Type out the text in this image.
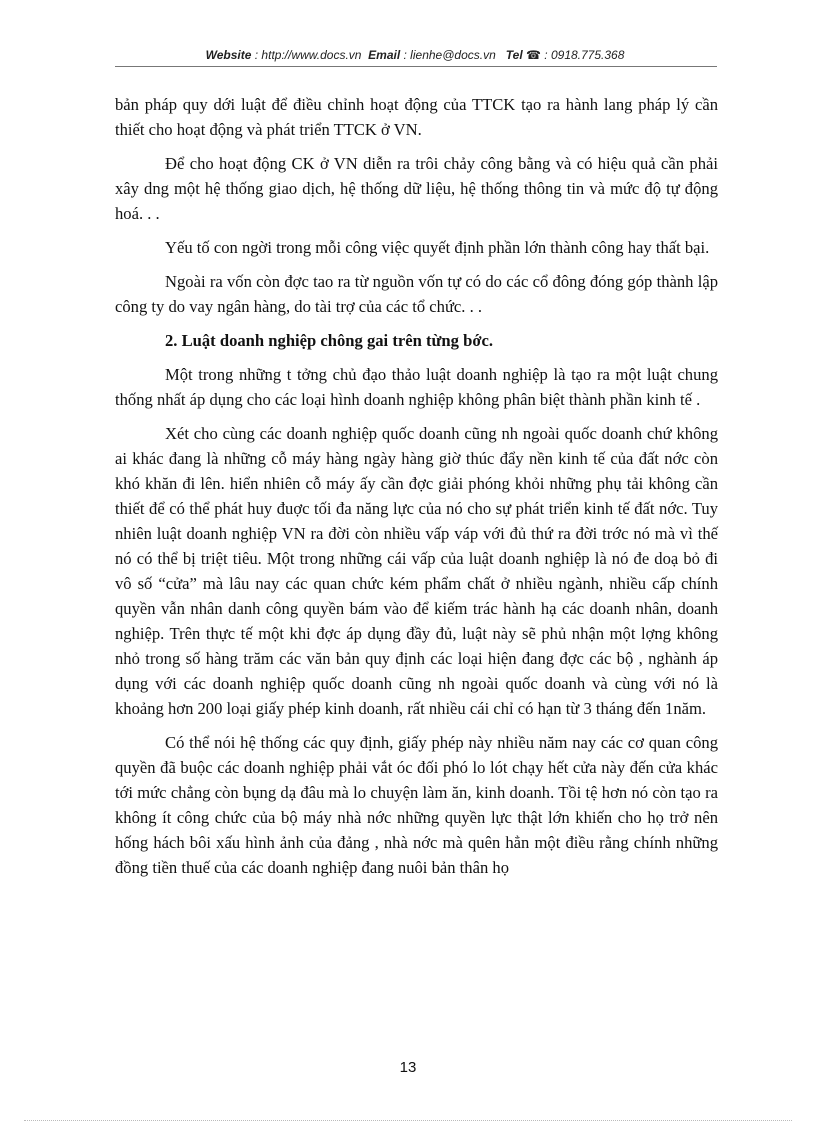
Website : http://www.docs.vn Email : lienhe@docs.vn Tel ☎ : 0918.775.368

bản pháp quy dới luật để điều chỉnh hoạt động của TTCK tạo ra hành lang pháp lý cần thiết cho hoạt động và phát triển TTCK ở VN.

Để cho hoạt động CK ở VN diễn ra trôi chảy công bằng và có hiệu quả cần phải xây dng một hệ thống giao dịch, hệ thống dữ liệu, hệ thống thông tin và mức độ tự động hoá. . .

Yếu tố con ngời trong mỗi công việc quyết định phần lớn thành công hay thất bại.

Ngoài ra vốn còn đợc tao ra từ nguồn vốn tự có do các cổ đông đóng góp thành lập công ty do vay ngân hàng, do tài trợ của các tổ chức. . .

2. Luật doanh nghiệp chông gai trên từng bớc.

Một trong những t tởng chủ đạo thảo luật doanh nghiệp là tạo ra một luật chung thống nhất áp dụng cho các loại hình doanh nghiệp không phân biệt thành phần kinh tế .

Xét cho cùng các doanh nghiệp quốc doanh cũng nh ngoài quốc doanh chứ không ai khác đang là những cỗ máy hàng ngày hàng giờ thúc đẩy nền kinh tế của đất nớc còn khó khăn đi lên. hiển nhiên cỗ máy ấy cần đợc giải phóng khỏi những phụ tải không cần thiết để có thể phát huy đuợc tối đa năng lực của nó cho sự phát triển kinh tế đất nớc. Tuy nhiên luật doanh nghiệp VN ra đời còn nhiều vấp váp với đủ thứ ra đời trớc nó mà vì thế nó có thể bị triệt tiêu. Một trong những cái vấp của luật doanh nghiệp là nó đe doạ bỏ đi vô số “cửa” mà lâu nay các quan chức kém phẩm chất ở nhiều ngành, nhiều cấp chính quyền vẫn nhân danh công quyền bám vào để kiếm trác hành hạ các doanh nhân, doanh nghiệp. Trên thực tế một khi đợc áp dụng đầy đủ, luật này sẽ phủ nhận một lợng không nhỏ trong số hàng trăm các văn bản quy định các loại hiện đang đợc các bộ , nghành áp dụng với các doanh nghiệp quốc doanh cũng nh ngoài quốc doanh và cùng với nó là khoảng hơn 200 loại giấy phép kinh doanh, rất nhiều cái chỉ có hạn từ 3 tháng đến 1năm.

Có thể nói hệ thống các quy định, giấy phép này nhiều năm nay các cơ quan công quyền đã buộc các doanh nghiệp phải vắt óc đối phó lo lót chạy hết cửa này đến cửa khác tới mức chẳng còn bụng dạ đâu mà lo chuyện làm ăn, kinh doanh. Tồi tệ hơn nó còn tạo ra không ít công chức của bộ máy nhà nớc những quyền lực thật lớn khiến cho họ trở nên hống hách bôi xấu hình ảnh của đảng , nhà nớc mà quên hẳn một điều rằng chính những đồng tiền thuế của các doanh nghiệp đang nuôi bản thân họ

13
